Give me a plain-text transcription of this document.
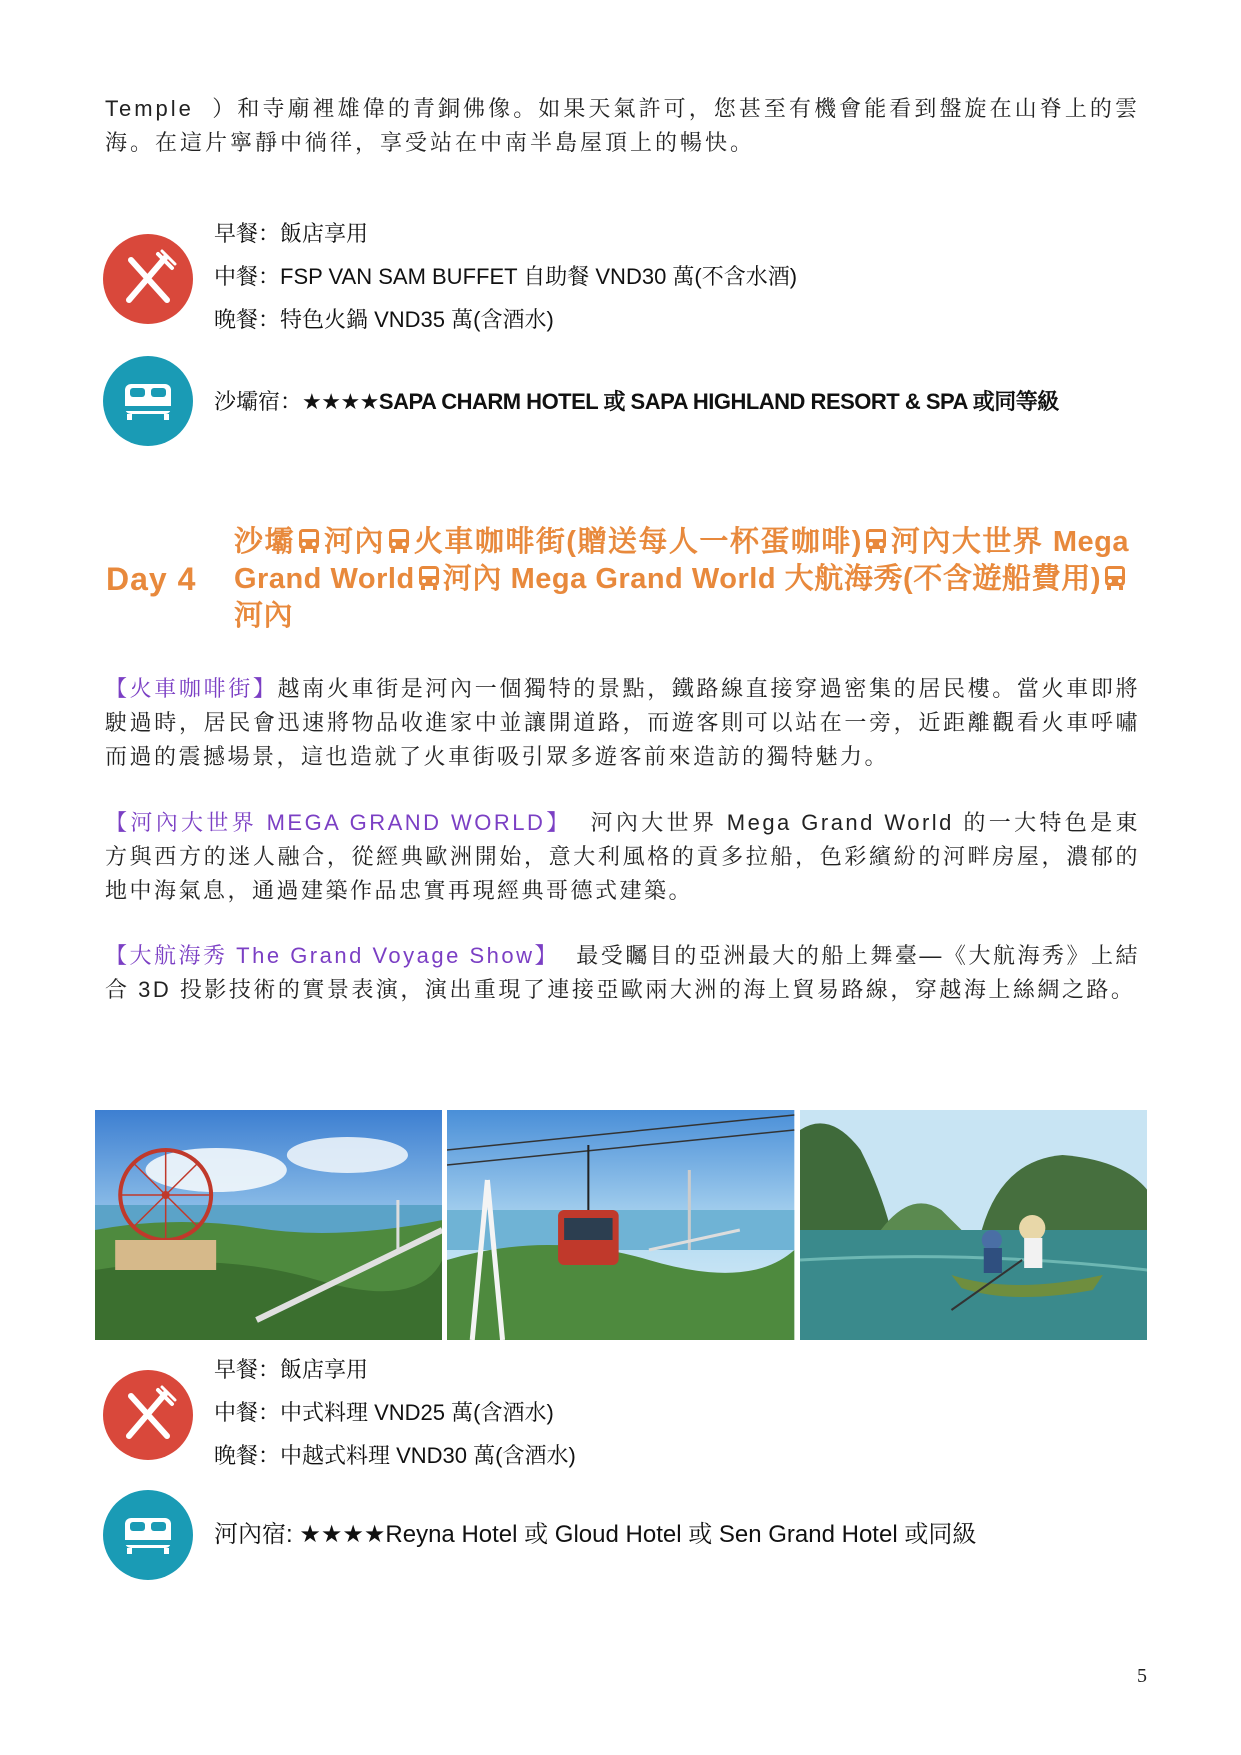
Temple ）和寺廟裡雄偉的青銅佛像。如果天氣許可，您甚至有機會能看到盤旋在山脊上的雲海。在這片寧靜中徜徉，享受站在中南半島屋頂上的暢快。
早餐：飯店享用
中餐：FSP VAN SAM BUFFET 自助餐 VND30 萬(不含水酒)
晚餐：特色火鍋 VND35 萬(含酒水)
沙壩宿：★★★★SAPA CHARM HOTEL 或 SAPA HIGHLAND RESORT & SPA 或同等級
Day 4
沙壩 河內 火車咖啡街(贈送每人一杯蛋咖啡) 河內大世界 Mega Grand World 河內 Mega Grand World 大航海秀(不含遊船費用)河內
【火車咖啡街】越南火車街是河內一個獨特的景點，鐵路線直接穿過密集的居民樓。當火車即將駛過時，居民會迅速將物品收進家中並讓開道路，而遊客則可以站在一旁，近距離觀看火車呼嘯而過的震撼場景，這也造就了火車街吸引眾多遊客前來造訪的獨特魅力。
【河內大世界 MEGA GRAND WORLD】 河內大世界 Mega Grand World 的一大特色是東方與西方的迷人融合，從經典歐洲開始，意大利風格的貢多拉船，色彩繽紛的河畔房屋，濃郁的地中海氣息，通過建築作品忠實再現經典哥德式建築。
【大航海秀 The Grand Voyage Show】 最受矚目的亞洲最大的船上舞臺—《大航海秀》上結合 3D 投影技術的實景表演，演出重現了連接亞歐兩大洲的海上貿易路線，穿越海上絲綢之路。
早餐：飯店享用
中餐：中式料理 VND25 萬(含酒水)
晚餐：中越式料理 VND30 萬(含酒水)
河內宿: ★★★★Reyna Hotel 或 Gloud Hotel 或 Sen Grand Hotel 或同級
5
